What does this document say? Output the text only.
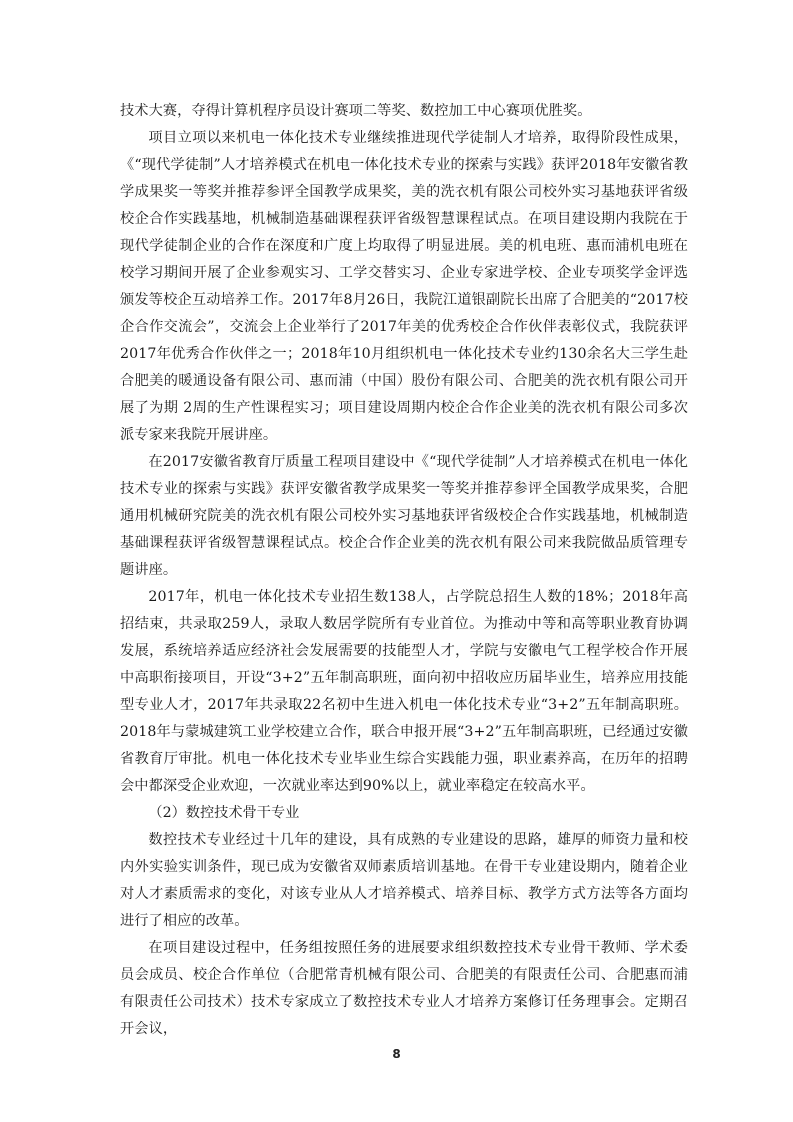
技术大赛，夺得计算机程序员设计赛项二等奖、数控加工中心赛项优胜奖。

项目立项以来机电一体化技术专业继续推进现代学徒制人才培养，取得阶段性成果，《“现代学徒制”人才培养模式在机电一体化技术专业的探索与实践》获评2018年安徽省教学成果奖一等奖并推荐参评全国教学成果奖，美的洗衣机有限公司校外实习基地获评省级校企合作实践基地，机械制造基础课程获评省级智慧课程试点。在项目建设期内我院在于现代学徒制企业的合作在深度和广度上均取得了明显进展。美的机电班、惠而浦机电班在校学习期间开展了企业参观实习、工学交替实习、企业专家进学校、企业专项奖学金评选颁发等校企互动培养工作。2017年8月26日，我院江道银副院长出席了合肥美的“2017校企合作交流会”，交流会上企业举行了2017年美的优秀校企合作伙伴表彰仪式，我院获评2017年优秀合作伙伴之一；2018年10月组织机电一体化技术专业约130余名大三学生赴合肥美的暖通设备有限公司、惠而浦（中国）股份有限公司、合肥美的洗衣机有限公司开展了为期 2周的生产性课程实习；项目建设周期内校企合作企业美的洗衣机有限公司多次派专家来我院开展讲座。

在2017安徽省教育厅质量工程项目建设中《“现代学徒制”人才培养模式在机电一体化技术专业的探索与实践》获评安徽省教学成果奖一等奖并推荐参评全国教学成果奖，合肥通用机械研究院美的洗衣机有限公司校外实习基地获评省级校企合作实践基地，机械制造基础课程获评省级智慧课程试点。校企合作企业美的洗衣机有限公司来我院做品质管理专题讲座。

2017年，机电一体化技术专业招生数138人，占学院总招生人数的18%；2018年高招结束，共录取259人，录取人数居学院所有专业首位。为推动中等和高等职业教育协调发展，系统培养适应经济社会发展需要的技能型人才，学院与安徽电气工程学校合作开展中高职衔接项目，开设“3+2”五年制高职班，面向初中招收应历届毕业生，培养应用技能型专业人才，2017年共录取22名初中生进入机电一体化技术专业“3+2”五年制高职班。2018年与蒙城建筑工业学校建立合作，联合申报开展“3+2”五年制高职班，已经通过安徽省教育厅审批。机电一体化技术专业毕业生综合实践能力强，职业素养高，在历年的招聘会中都深受企业欢迎，一次就业率达到90%以上，就业率稳定在较高水平。

（2）数控技术骨干专业

数控技术专业经过十几年的建设，具有成熟的专业建设的思路，雄厚的师资力量和校内外实验实训条件，现已成为安徽省双师素质培训基地。在骨干专业建设期内，随着企业对人才素质需求的变化，对该专业从人才培养模式、培养目标、教学方式方法等各方面均进行了相应的改革。

在项目建设过程中，任务组按照任务的进展要求组织数控技术专业骨干教师、学术委员会成员、校企合作单位（合肥常青机械有限公司、合肥美的有限责任公司、合肥惠而浦有限责任公司技术）技术专家成立了数控技术专业人才培养方案修订任务理事会。定期召开会议，

8
